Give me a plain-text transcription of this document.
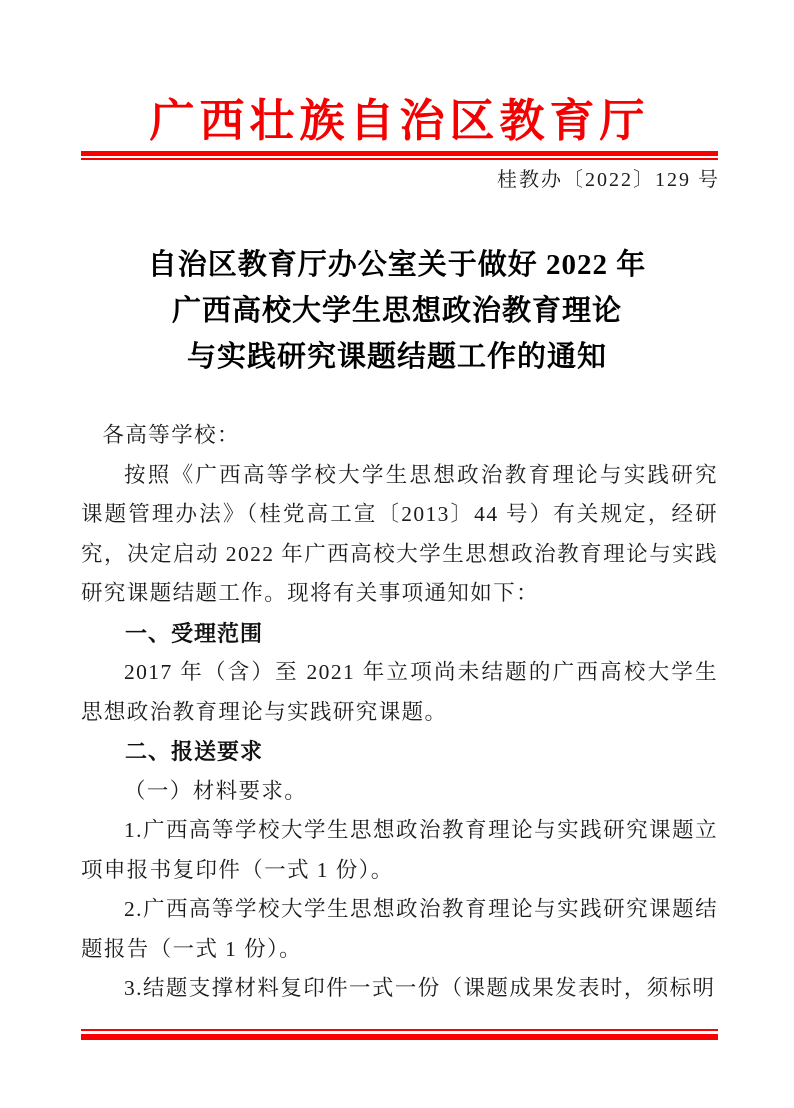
广西壮族自治区教育厅
桂教办〔2022〕129 号
自治区教育厅办公室关于做好 2022 年
广西高校大学生思想政治教育理论
与实践研究课题结题工作的通知

各高等学校：

按照《广西高等学校大学生思想政治教育理论与实践研究课题管理办法》（桂党高工宣〔2013〕44 号）有关规定，经研究，决定启动 2022 年广西高校大学生思想政治教育理论与实践研究课题结题工作。现将有关事项通知如下：

一、受理范围

2017 年（含）至 2021 年立项尚未结题的广西高校大学生思想政治教育理论与实践研究课题。

二、报送要求

（一）材料要求。

1.广西高等学校大学生思想政治教育理论与实践研究课题立项申报书复印件（一式 1 份）。

2.广西高等学校大学生思想政治教育理论与实践研究课题结题报告（一式 1 份）。

3.结题支撑材料复印件一式一份（课题成果发表时，须标明
